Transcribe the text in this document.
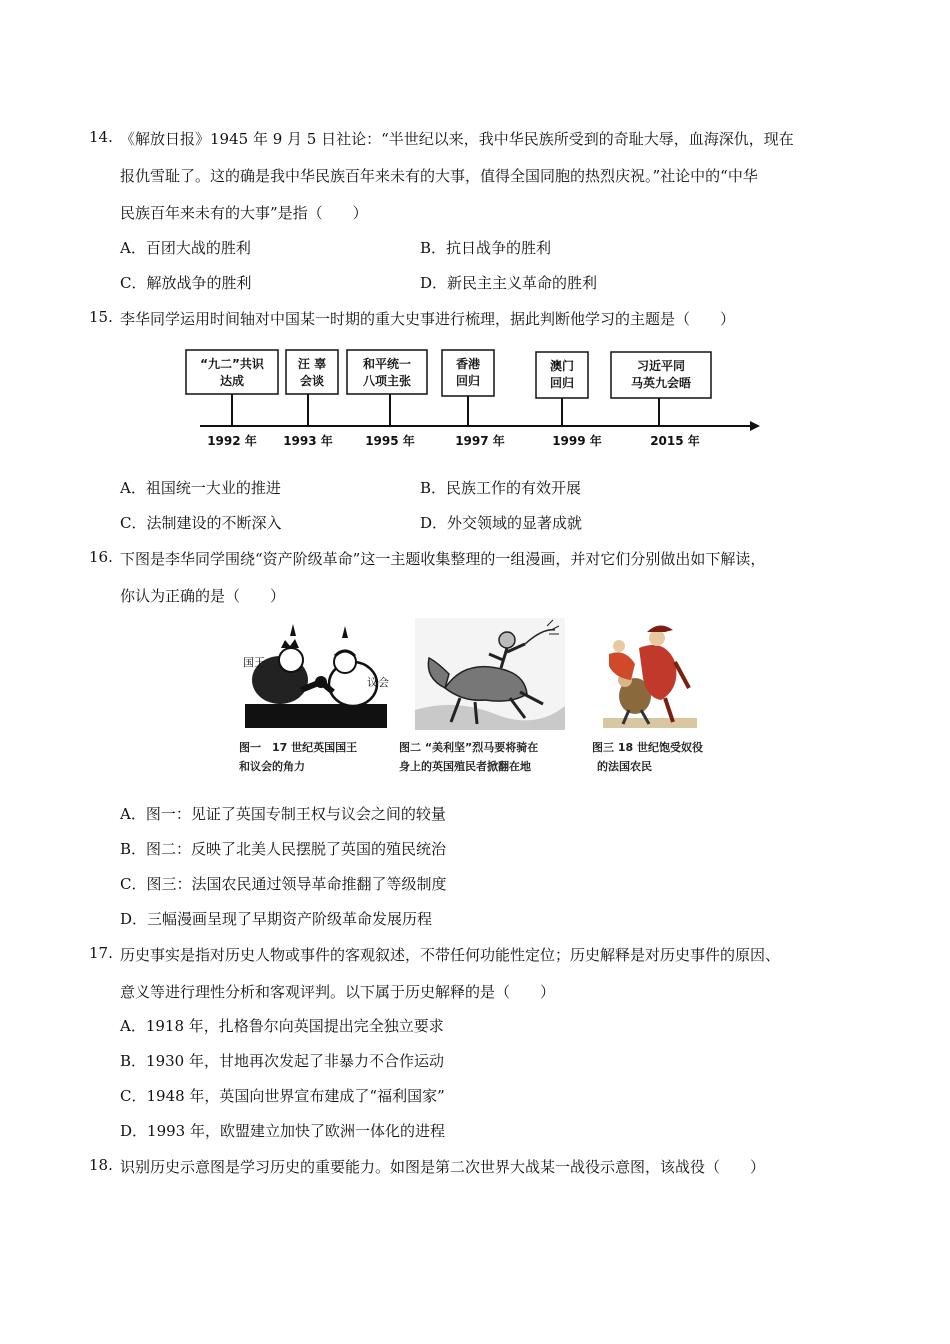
14. 《解放日报》1945 年 9 月 5 日社论：“半世纪以来，我中华民族所受到的奇耻大辱，血海深仇，现在
报仇雪耻了。这的确是我中华民族百年来未有的大事，值得全国同胞的热烈庆祝。”社论中的“中华
民族百年来未有的大事”是指（　　）
A．百团大战的胜利	B．抗日战争的胜利
C．解放战争的胜利	D．新民主主义革命的胜利
15. 李华同学运用时间轴对中国某一时期的重大史事进行梳理，据此判断他学习的主题是（　　）
“九二”共识
达成
1992 年
汪 辜
会谈
1993 年
和平统一
八项主张
1995 年
香港
回归
1997 年
澳门
回归
1999 年
习近平同
马英九会晤
2015 年
A．祖国统一大业的推进	B．民族工作的有效开展
C．法制建设的不断深入	D．外交领域的显著成就
16. 下图是李华同学围绕“资产阶级革命”这一主题收集整理的一组漫画，并对它们分别做出如下解读，
你认为正确的是（　　）
国王
议会
图一　17 世纪英国国王
和议会的角力
图二 “美利坚”烈马要将骑在
身上的英国殖民者掀翻在地
图三 18 世纪饱受奴役
的法国农民
A．图一：见证了英国专制王权与议会之间的较量
B．图二：反映了北美人民摆脱了英国的殖民统治
C．图三：法国农民通过领导革命推翻了等级制度
D．三幅漫画呈现了早期资产阶级革命发展历程
17. 历史事实是指对历史人物或事件的客观叙述，不带任何功能性定位；历史解释是对历史事件的原因、
意义等进行理性分析和客观评判。以下属于历史解释的是（　　）
A．1918 年，扎格鲁尔向英国提出完全独立要求
B．1930 年，甘地再次发起了非暴力不合作运动
C．1948 年，英国向世界宣布建成了“福利国家”
D．1993 年，欧盟建立加快了欧洲一体化的进程
18. 识别历史示意图是学习历史的重要能力。如图是第二次世界大战某一战役示意图，该战役（　　）
